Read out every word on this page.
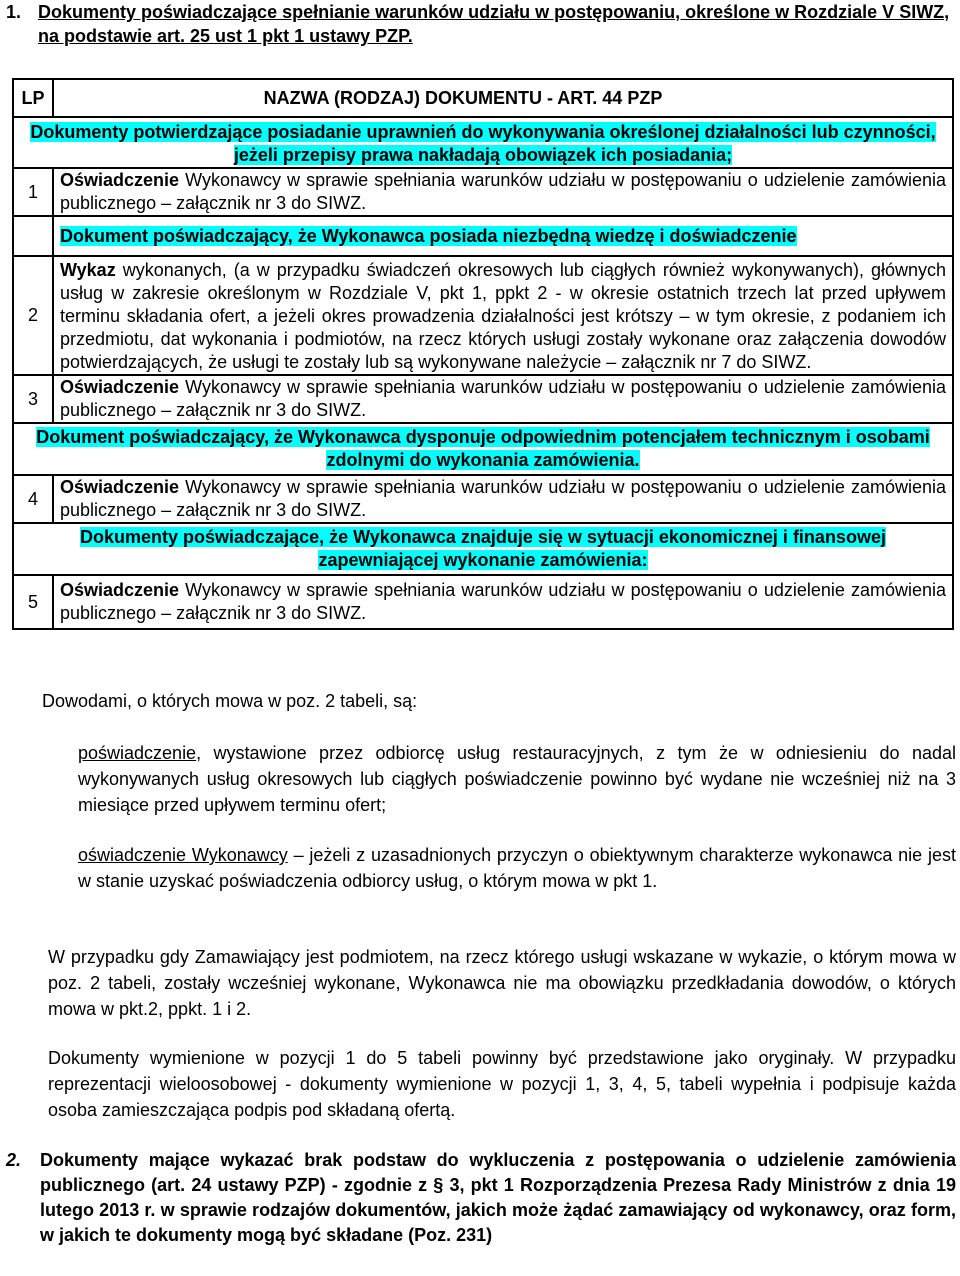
1. Dokumenty poświadczające spełnianie warunków udziału w postępowaniu, określone w Rozdziale V SIWZ, na podstawie art. 25 ust 1 pkt 1 ustawy PZP.
LP	NAZWA (RODZAJ) DOKUMENTU - ART. 44 PZP
Dokumenty potwierdzające posiadanie uprawnień do wykonywania określonej działalności lub czynności, jeżeli przepisy prawa nakładają obowiązek ich posiadania;	
1	Oświadczenie Wykonawcy w sprawie spełniania warunków udziału w postępowaniu o udzielenie zamówienia publicznego – załącznik nr 3 do SIWZ.
	Dokument poświadczający, że Wykonawca posiada niezbędną wiedzę i doświadczenie
2	Wykaz wykonanych, (a w przypadku świadczeń okresowych lub ciągłych również wykonywanych), głównych usług w zakresie określonym w Rozdziale V, pkt 1, ppkt 2 - w okresie ostatnich trzech lat przed upływem terminu składania ofert, a jeżeli okres prowadzenia działalności jest krótszy – w tym okresie, z podaniem ich przedmiotu, dat wykonania i podmiotów, na rzecz których usługi zostały wykonane oraz załączenia dowodów potwierdzających, że usługi te zostały lub są wykonywane należycie – załącznik nr 7 do SIWZ.
3	Oświadczenie Wykonawcy w sprawie spełniania warunków udziału w postępowaniu o udzielenie zamówienia publicznego – załącznik nr 3 do SIWZ.
Dokument poświadczający, że Wykonawca dysponuje odpowiednim potencjałem technicznym i osobami zdolnymi do wykonania zamówienia.	
4	Oświadczenie Wykonawcy w sprawie spełniania warunków udziału w postępowaniu o udzielenie zamówienia publicznego – załącznik nr 3 do SIWZ.
Dokumenty poświadczające, że Wykonawca znajduje się w sytuacji ekonomicznej i finansowej zapewniającej wykonanie zamówienia:	
5	Oświadczenie Wykonawcy w sprawie spełniania warunków udziału w postępowaniu o udzielenie zamówienia publicznego – załącznik nr 3 do SIWZ.
Dowodami, o których mowa w poz. 2 tabeli, są:
poświadczenie, wystawione przez odbiorcę usług restauracyjnych, z tym że w odniesieniu do nadal wykonywanych usług okresowych lub ciągłych poświadczenie powinno być wydane nie wcześniej niż na 3 miesiące przed upływem terminu ofert;
oświadczenie Wykonawcy – jeżeli z uzasadnionych przyczyn o obiektywnym charakterze wykonawca nie jest w stanie uzyskać poświadczenia odbiorcy usług, o którym mowa w pkt 1.
W przypadku gdy Zamawiający jest podmiotem, na rzecz którego usługi wskazane w wykazie, o którym mowa w poz. 2 tabeli, zostały wcześniej wykonane, Wykonawca nie ma obowiązku przedkładania dowodów, o których mowa w pkt.2, ppkt. 1 i 2.
Dokumenty wymienione w pozycji 1 do 5 tabeli powinny być przedstawione jako oryginały. W przypadku reprezentacji wieloosobowej - dokumenty wymienione w pozycji 1, 3, 4, 5, tabeli wypełnia i podpisuje każda osoba zamieszczająca podpis pod składaną ofertą.
2.	Dokumenty mające wykazać brak podstaw do wykluczenia z postępowania o udzielenie zamówienia publicznego (art. 24 ustawy PZP) - zgodnie z § 3, pkt 1 Rozporządzenia Prezesa Rady Ministrów z dnia 19 lutego 2013 r. w sprawie rodzajów dokumentów, jakich może żądać zamawiający od wykonawcy, oraz form, w jakich te dokumenty mogą być składane (Poz. 231)
